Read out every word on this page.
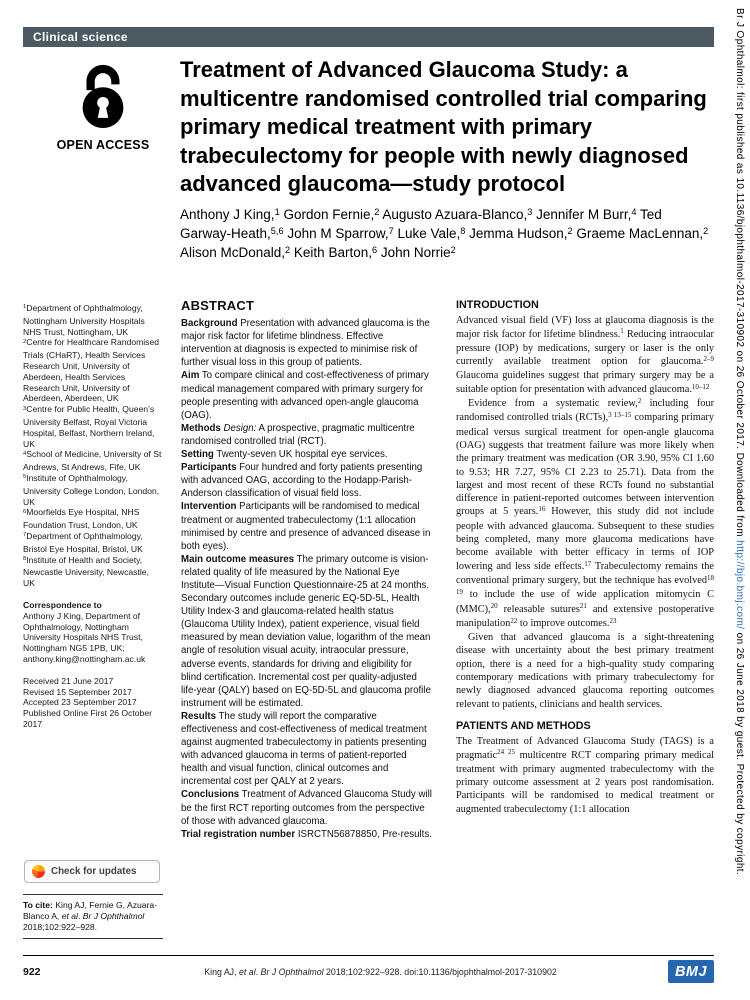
Clinical science
OPEN ACCESS
Treatment of Advanced Glaucoma Study: a multicentre randomised controlled trial comparing primary medical treatment with primary trabeculectomy for people with newly diagnosed advanced glaucoma—study protocol
Anthony J King,$^1$ Gordon Fernie,$^2$ Augusto Azuara-Blanco,$^3$ Jennifer M Burr,$^4$ Ted Garway-Heath,$^{5,6}$ John M Sparrow,$^7$ Luke Vale,$^8$ Jemma Hudson,$^2$ Graeme MacLennan,$^2$ Alison McDonald,$^2$ Keith Barton,$^6$ John Norrie$^2$
$^1$Department of Ophthalmology, Nottingham University Hospitals NHS Trust, Nottingham, UK
$^2$Centre for Healthcare Randomised Trials (CHaRT), Health Services Research Unit, University of Aberdeen, Health Services Research Unit, University of Aberdeen, Aberdeen, UK
$^3$Centre for Public Health, Queen’s University Belfast, Royal Victoria Hospital, Belfast, Northern Ireland, UK
$^4$School of Medicine, University of St Andrews, St Andrews, Fife, UK
$^5$Institute of Ophthalmology, University College London, London, UK
$^6$Moorfields Eye Hospital, NHS Foundation Trust, London, UK
$^7$Department of Ophthalmology, Bristol Eye Hospital, Bristol, UK
$^8$Institute of Health and Society, Newcastle University, Newcastle, UK
Correspondence to
Anthony J King, Department of Ophthalmology, Nottingham University Hospitals NHS Trust, Nottingham NG5 1PB, UK; anthony.king@nottingham.ac.uk
Received 21 June 2017
Revised 15 September 2017
Accepted 23 September 2017
Published Online First 26 October 2017
ABSTRACT

Background Presentation with advanced glaucoma is the major risk factor for lifetime blindness. Effective intervention at diagnosis is expected to minimise risk of further visual loss in this group of patients.

Aim To compare clinical and cost-effectiveness of primary medical management compared with primary surgery for people presenting with advanced open-angle glaucoma (OAG).

Methods Design: A prospective, pragmatic multicentre randomised controlled trial (RCT).

Setting Twenty-seven UK hospital eye services.

Participants Four hundred and forty patients presenting with advanced OAG, according to the Hodapp-Parish-Anderson classification of visual field loss.

Intervention Participants will be randomised to medical treatment or augmented trabeculectomy (1:1 allocation minimised by centre and presence of advanced disease in both eyes).

Main outcome measures The primary outcome is vision-related quality of life measured by the National Eye Institute—Visual Function Questionnaire-25 at 24 months. Secondary outcomes include generic EQ-5D-5L, Health Utility Index-3 and glaucoma-related health status (Glaucoma Utility Index), patient experience, visual field measured by mean deviation value, logarithm of the mean angle of resolution visual acuity, intraocular pressure, adverse events, standards for driving and eligibility for blind certification. Incremental cost per quality-adjusted life-year (QALY) based on EQ-5D-5L and glaucoma profile instrument will be estimated.

Results The study will report the comparative effectiveness and cost-effectiveness of medical treatment against augmented trabeculectomy in patients presenting with advanced glaucoma in terms of patient-reported health and visual function, clinical outcomes and incremental cost per QALY at 2 years.

Conclusions Treatment of Advanced Glaucoma Study will be the first RCT reporting outcomes from the perspective of those with advanced glaucoma.

Trial registration number ISRCTN56878850, Pre-results.

INTRODUCTION

Advanced visual field (VF) loss at glaucoma diagnosis is the major risk factor for lifetime blindness.$^1$ Reducing intraocular pressure (IOP) by medications, surgery or laser is the only currently available treatment option for glaucoma.$^{2-9}$ Glaucoma guidelines suggest that primary surgery may be a suitable option for presentation with advanced glaucoma.$^{10-12}$

Evidence from a systematic review,$^2$ including four randomised controlled trials (RCTs),$^{3 13-15}$ comparing primary medical versus surgical treatment for open-angle glaucoma (OAG) suggests that treatment failure was more likely when the primary treatment was medication (OR 3.90, 95% CI 1.60 to 9.53; HR 7.27, 95% CI 2.23 to 25.71). Data from the largest and most recent of these RCTs found no substantial difference in patient-reported outcomes between intervention groups at 5 years.$^{16}$ However, this study did not include people with advanced glaucoma. Subsequent to these studies being completed, many more glaucoma medications have become available with better efficacy in terms of IOP lowering and less side effects.$^{17}$ Trabeculectomy remains the conventional primary surgery, but the technique has evolved$^{18 19}$ to include the use of wide application mitomycin C (MMC),$^{20}$ releasable sutures$^{21}$ and extensive postoperative manipulation$^{22}$ to improve outcomes.$^{23}$

Given that advanced glaucoma is a sight-threatening disease with uncertainty about the best primary treatment option, there is a need for a high-quality study comparing contemporary medications with primary trabeculectomy for newly diagnosed advanced glaucoma reporting outcomes relevant to patients, clinicians and health services.

PATIENTS AND METHODS

The Treatment of Advanced Glaucoma Study (TAGS) is a pragmatic$^{24 25}$ multicentre RCT comparing primary medical treatment with primary augmented trabeculectomy with the primary outcome assessment at 2 years post randomisation. Participants will be randomised to medical treatment or augmented trabeculectomy (1:1 allocation

Check for updates
To cite: King AJ, Fernie G, Azuara-Blanco A, et al. Br J Ophthalmol 2018;102:922–928.
922	King AJ, et al. Br J Ophthalmol 2018;102:922–928. doi:10.1136/bjophthalmol-2017-310902	BMJ
Br J Ophthalmol: first published as 10.1136/bjophthalmol-2017-310902 on 26 October 2017. Downloaded from http://bjo.bmj.com/ on 26 June 2018 by guest. Protected by copyright.
